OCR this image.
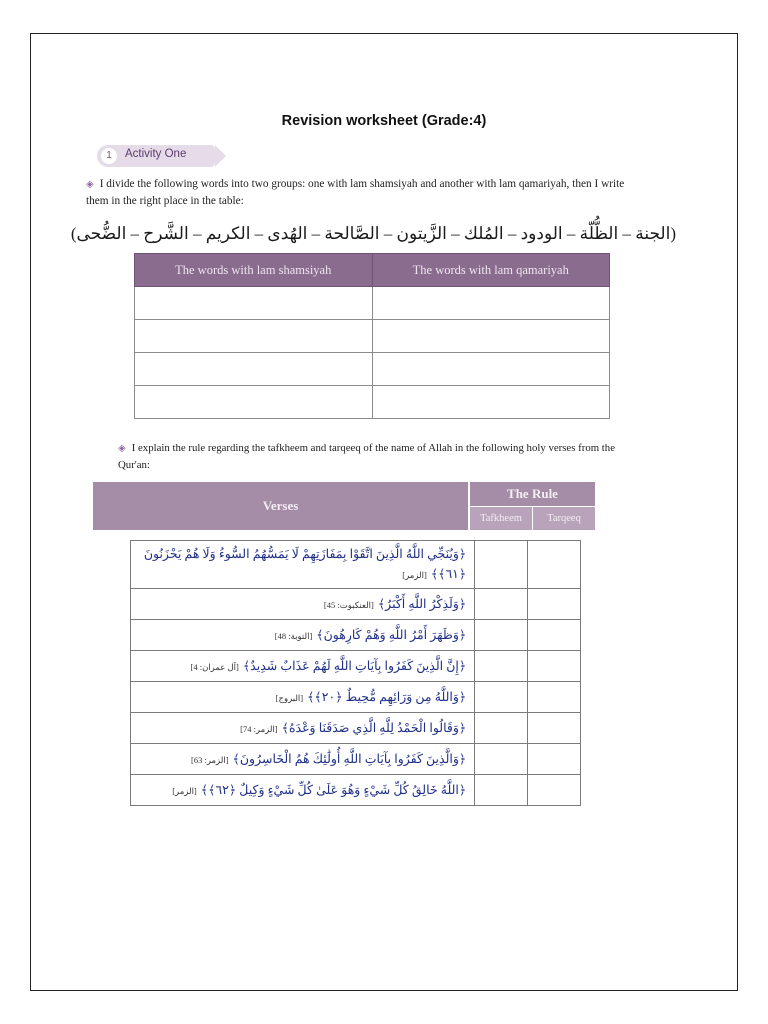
Revision worksheet (Grade:4)
1	Activity One
◈ I divide the following words into two groups: one with lam shamsiyah and another with lam qamariyah, then I write them in the right place in the table:
(الجنة – الظُّلّة – الودود – المُلك – الزَّيتون – الصَّالحة – الهُدى – الكريم – الشَّرح – الضُّحى)
The words with lam shamsiyah	The words with lam qamariyah

◈ I explain the rule regarding the tafkheem and tarqeeq of the name of Allah in the following holy verses from the Qur'an:
Verses
The Rule
Tafkheem	Tarqeeq
﴿وَيُنَجِّي اللَّهُ الَّذِينَ اتَّقَوْا بِمَفَازَتِهِمْ لَا يَمَسُّهُمُ السُّوءُ وَلَا هُمْ يَحْزَنُونَ ﴿٦١﴾﴾[الزمر]		
﴿وَلَذِكْرُ اللَّهِ أَكْبَرُ﴾[العنكبوت: 45]		
﴿وَظَهَرَ أَمْرُ اللَّهِ وَهُمْ كَارِهُونَ﴾[التوبة: 48]		
﴿إِنَّ الَّذِينَ كَفَرُوا بِآيَاتِ اللَّهِ لَهُمْ عَذَابٌ شَدِيدٌ﴾[آل عمران: 4]		
﴿وَاللَّهُ مِن وَرَائِهِم مُّحِيطٌ ﴿٢٠﴾﴾[البروج]		
﴿وَقَالُوا الْحَمْدُ لِلَّهِ الَّذِي صَدَقَنَا وَعْدَهُ﴾[الزمر: 74]		
﴿وَالَّذِينَ كَفَرُوا بِآيَاتِ اللَّهِ أُولَٰئِكَ هُمُ الْخَاسِرُونَ﴾[الزمر: 63]		
﴿اللَّهُ خَالِقُ كُلِّ شَيْءٍ وَهُوَ عَلَىٰ كُلِّ شَيْءٍ وَكِيلٌ ﴿٦٢﴾﴾[الزمر]		
